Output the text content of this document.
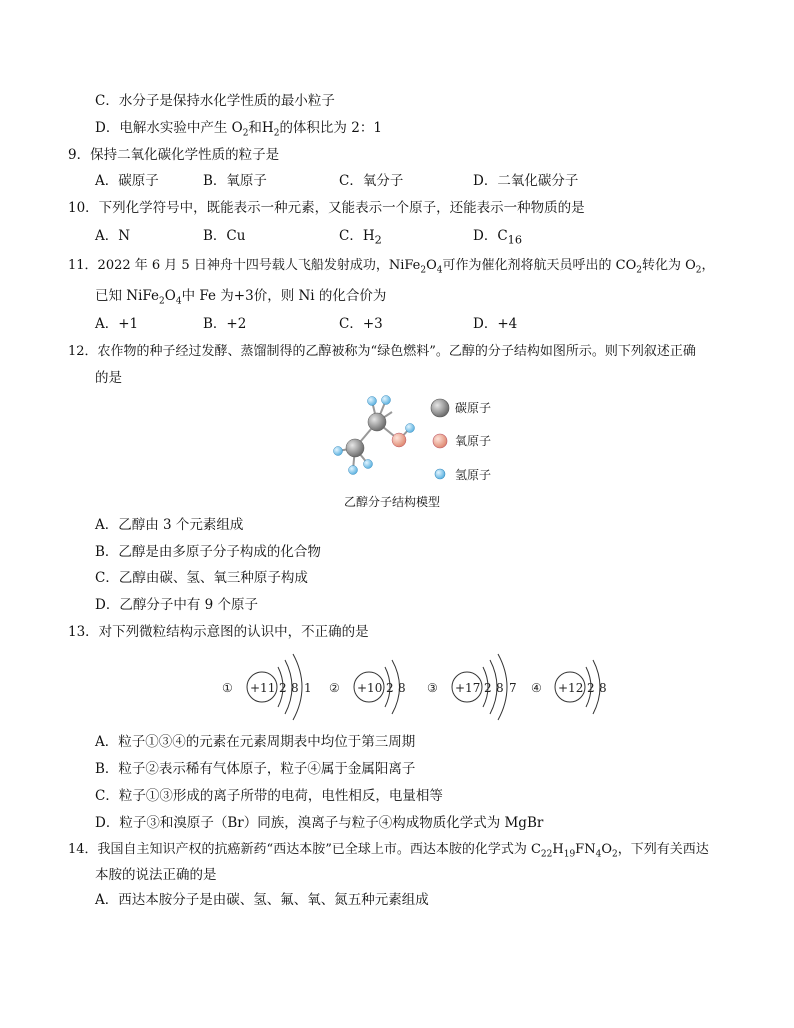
C．水分子是保持水化学性质的最小粒子
D．电解水实验中产生 $O_2$和$H_2$的体积比为 2：1
9．保持二氧化碳化学性质的粒子是
A．碳原子	B．氧原子	C．氧分子	D．二氧化碳分子
10．下列化学符号中，既能表示一种元素，又能表示一个原子，还能表示一种物质的是
A．N	B．Cu	C．$H_2$	D．$C_{16}$
11．2022 年 6 月 5 日神舟十四号载人飞船发射成功，$NiFe_2O_4$可作为催化剂将航天员呼出的 $CO_2$转化为 $O_2$，
已知 $NiFe_2O_4$中 Fe 为+3价，则 Ni 的化合价为
A．+1	B．+2	C．+3	D．+4
12．农作物的种子经过发酵、蒸馏制得的乙醇被称为“绿色燃料”。乙醇的分子结构如图所示。则下列叙述正确
的是
碳原子
氧原子
氢原子
乙醇分子结构模型
A．乙醇由 3 个元素组成
B．乙醇是由多原子分子构成的化合物
C．乙醇由碳、氢、氧三种原子构成
D．乙醇分子中有 9 个原子
13．对下列微粒结构示意图的认识中，不正确的是
① +11 2 8 1 ② +10 2 8 ③ +17 2 8 7 ④ +12 2 8
A．粒子①③④的元素在元素周期表中均位于第三周期
B．粒子②表示稀有气体原子，粒子④属于金属阳离子
C．粒子①③形成的离子所带的电荷，电性相反，电量相等
D．粒子③和溴原子（Br）同族，溴离子与粒子④构成物质化学式为 MgBr
14．我国自主知识产权的抗癌新药“西达本胺”已全球上市。西达本胺的化学式为 $C_{22}H_{19}FN_4O_2$，下列有关西达
本胺的说法正确的是
A．西达本胺分子是由碳、氢、氟、氧、氮五种元素组成
